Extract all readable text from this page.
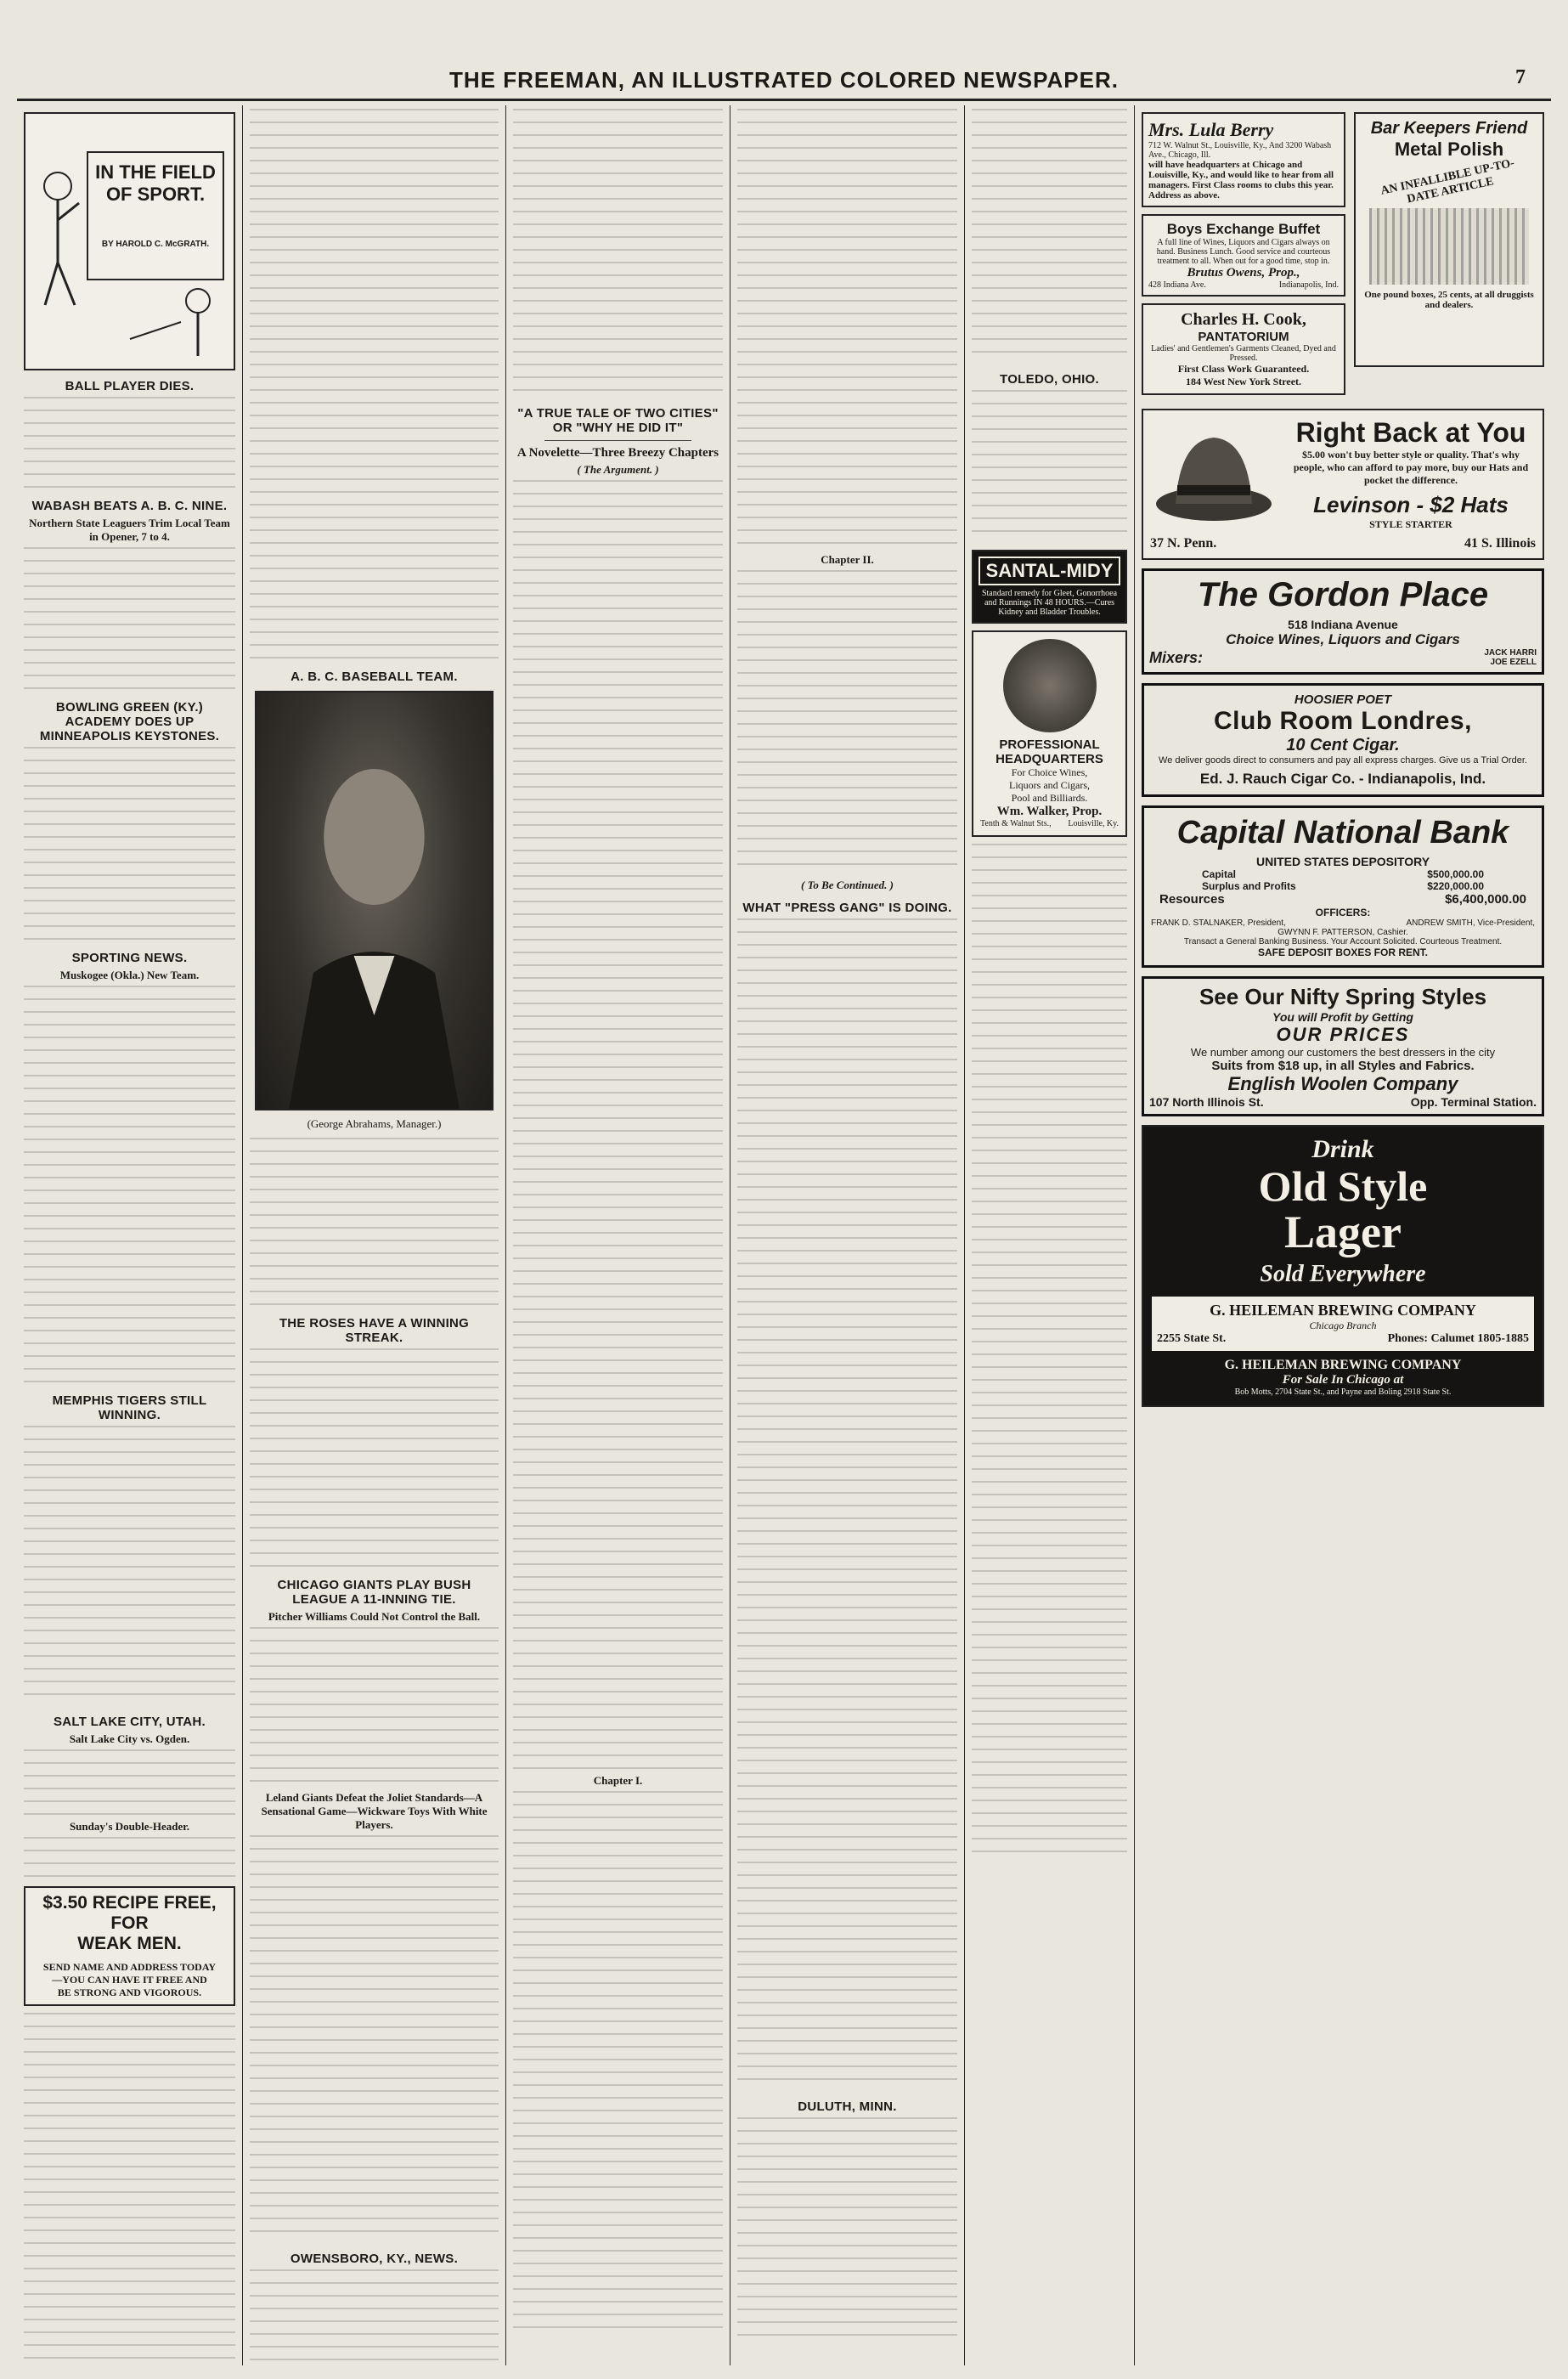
THE FREEMAN, AN ILLUSTRATED COLORED NEWSPAPER.	7
IN THE FIELD
OF SPORT.
BY HAROLD C. McGRATH.
BALL PLAYER DIES.
WABASH BEATS A. B. C. NINE.
Northern State Leaguers Trim Local Team in Opener, 7 to 4.
BOWLING GREEN (KY.) ACADEMY DOES UP MINNEAPOLIS KEYSTONES.
SPORTING NEWS.
Muskogee (Okla.) New Team.
MEMPHIS TIGERS STILL WINNING.
SALT LAKE CITY, UTAH.
Salt Lake City vs. Ogden.
Sunday's Double-Header.
$3.50 RECIPE FREE, FOR
WEAK MEN.
SEND NAME AND ADDRESS TODAY
—YOU CAN HAVE IT FREE AND
BE STRONG AND VIGOROUS.
A. B. C. BASEBALL TEAM.
(George Abrahams, Manager.)
THE ROSES HAVE A WINNING STREAK.
CHICAGO GIANTS PLAY BUSH LEAGUE A 11-INNING TIE.
Pitcher Williams Could Not Control the Ball.
Leland Giants Defeat the Joliet Standards—A Sensational Game—Wickware Toys With White Players.
OWENSBORO, KY., NEWS.
"A TRUE TALE OF TWO CITIES" OR "WHY HE DID IT"
A Novelette—Three Breezy Chapters
( The Argument. )
Chapter I.
Chapter II.
( To Be Continued. )
WHAT "PRESS GANG" IS DOING.
DULUTH, MINN.
TOLEDO, OHIO.
SANTAL-MIDY
Standard remedy for Gleet, Gonorrhoea and Runnings IN 48 HOURS.—Cures Kidney and Bladder Troubles.
PROFESSIONAL
HEADQUARTERS
For Choice Wines,
Liquors and Cigars,
Pool and Billiards.
Wm. Walker, Prop.
Tenth & Walnut Sts., Louisville, Ky.
Mrs. Lula Berry
712 W. Walnut St., Louisville, Ky., And 3200 Wabash Ave., Chicago, Ill.
will have headquarters at Chicago and Louisville, Ky., and would like to hear from all managers. First Class rooms to clubs this year. Address as above.
Boys Exchange Buffet
A full line of Wines, Liquors and Cigars always on hand. Business Lunch. Good service and courteous treatment to all. When out for a good time, stop in.
Brutus Owens, Prop.,
428 Indiana Ave.	Indianapolis, Ind.
Charles H. Cook,
PANTATORIUM
Ladies' and Gentlemen's Garments Cleaned, Dyed and Pressed.
First Class Work Guaranteed.
184 West New York Street.
Bar Keepers Friend
Metal Polish
AN INFALLIBLE UP-TO-DATE ARTICLE
One pound boxes, 25 cents, at all druggists and dealers.
Right Back at You
$5.00 won't buy better style or quality. That's why people, who can afford to pay more, buy our Hats and pocket the difference.
Levinson - $2 Hats
STYLE STARTER
37 N. Penn.	41 S. Illinois
The Gordon Place
518 Indiana Avenue
Choice Wines, Liquors and Cigars
Mixers:	JACK HARRI
JOE EZELL
HOOSIER POET
Club Room Londres,
10 Cent Cigar.
We deliver goods direct to consumers and pay all express charges. Give us a Trial Order.
Ed. J. Rauch Cigar Co. - Indianapolis, Ind.
Capital National Bank
UNITED STATES DEPOSITORY
Capital	$500,000.00
Surplus and Profits	$220,000.00
Resources	$6,400,000.00
OFFICERS:
FRANK D. STALNAKER, President,	ANDREW SMITH, Vice-President,
GWYNN F. PATTERSON, Cashier.
Transact a General Banking Business. Your Account Solicited. Courteous Treatment.
SAFE DEPOSIT BOXES FOR RENT.
See Our Nifty Spring Styles
You will Profit by Getting
OUR PRICES
We number among our customers the best dressers in the city
Suits from $18 up, in all Styles and Fabrics.
English Woolen Company
107 North Illinois St.	Opp. Terminal Station.
Drink
Old Style
Lager
Sold Everywhere
G. HEILEMAN BREWING COMPANY
Chicago Branch
2255 State St.	Phones: Calumet 1805-1885
G. HEILEMAN BREWING COMPANY
For Sale In Chicago at
Bob Motts, 2704 State St., and Payne and Boling 2918 State St.
